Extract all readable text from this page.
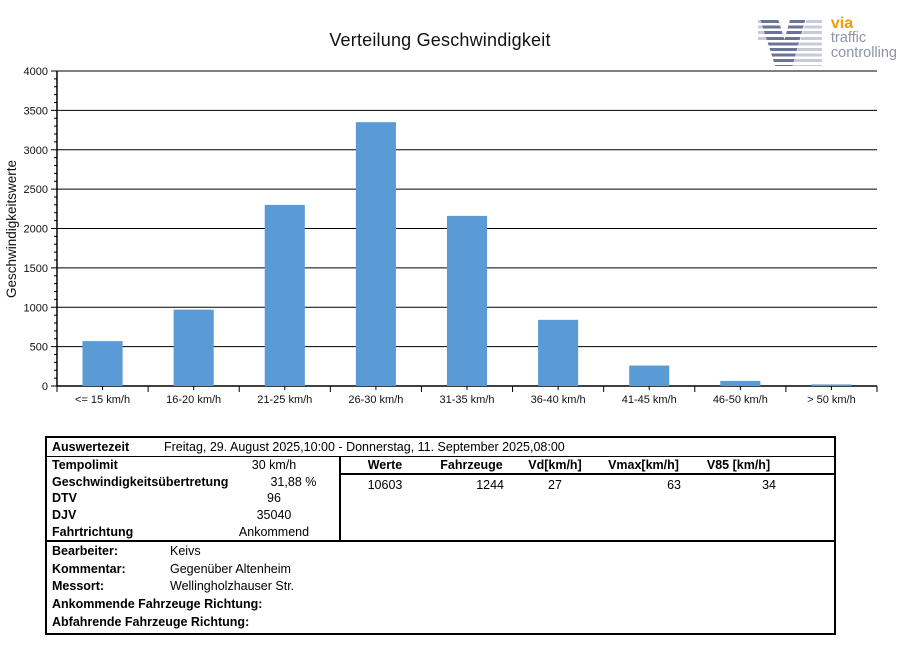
Verteilung Geschwindigkeit
via
traffic
controlling
Geschwindigkeitswerte
0
500
1000
1500
2000
2500
3000
3500
4000
<= 15 km/h	16-20 km/h	21-25 km/h	26-30 km/h	31-35 km/h	36-40 km/h	41-45 km/h	46-50 km/h	> 50 km/h
Auswertezeit	Freitag, 29. August 2025,10:00 - Donnerstag, 11. September 2025,08:00
Tempolimit	30 km/h
Geschwindigkeitsübertretung	31,88 %
DTV	96
DJV	35040
Fahrtrichtung	Ankommend
Werte	Fahrzeuge	Vd[km/h]	Vmax[km/h]	V85 [km/h]
10603	1244	27	63	34
Bearbeiter:	Keivs
Kommentar:	Gegenüber Altenheim
Messort:	Wellingholzhauser Str.
Ankommende Fahrzeuge Richtung:
Abfahrende Fahrzeuge Richtung:
